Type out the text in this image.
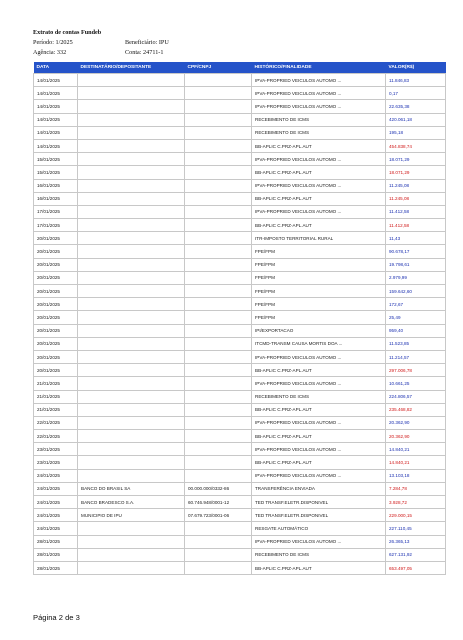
Extrato de contas Fundeb
Período: 1/2025	Beneficiário: IPU
Agência: 332	Conta: 24711-1
DATA	DESTINATÁRIO/DEPOSITANTE	CPF/CNPJ	HISTÓRICO/FINALIDADE	VALOR(R$)
14/01/2025			IPVA-PROPRIED VEICULOS AUTOMO ...	11.846,83
14/01/2025			IPVA-PROPRIED VEICULOS AUTOMO ...	0,17
14/01/2025			IPVA-PROPRIED VEICULOS AUTOMO ...	22.635,38
14/01/2025			RECEBIMENTO DE ICMS	420.061,18
14/01/2025			RECEBIMENTO DE ICMS	195,18
14/01/2025			BB-APLIC C.PRZ-APL.AUT	454.838,74
15/01/2025			IPVA-PROPRIED VEICULOS AUTOMO ...	18.071,29
15/01/2025			BB-APLIC C.PRZ-APL.AUT	18.071,29
16/01/2025			IPVA-PROPRIED VEICULOS AUTOMO ...	11.245,08
16/01/2025			BB-APLIC C.PRZ-APL.AUT	11.245,08
17/01/2025			IPVA-PROPRIED VEICULOS AUTOMO ...	11.412,58
17/01/2025			BB-APLIC C.PRZ-APL.AUT	11.412,58
20/01/2025			ITR-IMPOSTO TERRITORIAL RURAL	11,43
20/01/2025			FPE/FPM	90.678,17
20/01/2025			FPE/FPM	19.798,61
20/01/2025			FPE/FPM	2.979,99
20/01/2025			FPE/FPM	159.642,60
20/01/2025			FPE/FPM	172,67
20/01/2025			FPE/FPM	25,49
20/01/2025			IPI/EXPORTACAO	959,40
20/01/2025			ITCMD-TRANSM CAUSA MORTIS DOA ...	11.523,85
20/01/2025			IPVA-PROPRIED VEICULOS AUTOMO ...	11.214,57
20/01/2025			BB-APLIC C.PRZ-APL.AUT	297.006,78
21/01/2025			IPVA-PROPRIED VEICULOS AUTOMO ...	10.661,25
21/01/2025			RECEBIMENTO DE ICMS	224.806,57
21/01/2025			BB-APLIC C.PRZ-APL.AUT	235.468,82
22/01/2025			IPVA-PROPRIED VEICULOS AUTOMO ...	20.362,90
22/01/2025			BB-APLIC C.PRZ-APL.AUT	20.362,90
23/01/2025			IPVA-PROPRIED VEICULOS AUTOMO ...	14.840,21
23/01/2025			BB-APLIC C.PRZ-APL.AUT	14.840,21
24/01/2025			IPVA-PROPRIED VEICULOS AUTOMO ...	13.103,18
24/01/2025	BANCO DO BRASIL SA	00.000.000/0332-86	TRANSFERÊNCIA ENVIADA	7.284,78
24/01/2025	BANCO BRADESCO S.A.	60.746.948/0001-12	TED TRANSF.ELETR.DISPONIVEL	3.928,72
24/01/2025	MUNICIPIO DE IPU	07.679.723/0001-06	TED TRANSF.ELETR.DISPONIVEL	229.000,15
24/01/2025			RESGATE AUTOMÁTICO	227.110,45
28/01/2025			IPVA-PROPRIED VEICULOS AUTOMO ...	26.365,13
28/01/2025			RECEBIMENTO DE ICMS	627.131,92
28/01/2025			BB-APLIC C.PRZ-APL.AUT	653.497,05
Página 2 de 3
